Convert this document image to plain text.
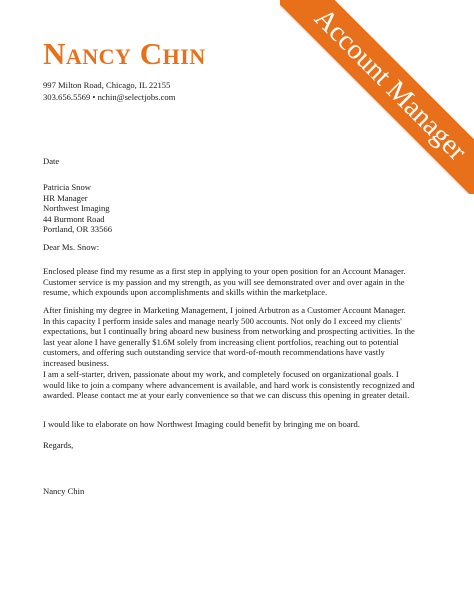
Account Manager
Nancy Chin
997 Milton Road, Chicago, IL 22155
303.656.5569 • nchin@selectjobs.com

Date

Patricia Snow
HR Manager
Northwest Imaging
44 Burmont Road
Portland, OR 33566

Dear Ms. Snow:

Enclosed please find my resume as a first step in applying to your open position for an Account Manager. Customer service is my passion and my strength, as you will see demonstrated over and over again in the resume, which expounds upon accomplishments and skills within the marketplace.

After finishing my degree in Marketing Management, I joined Arbutron as a Customer Account Manager. In this capacity I perform inside sales and manage nearly 500 accounts. Not only do I exceed my clients' expectations, but I continually bring aboard new business from networking and prospecting activities. In the last year alone I have generally $1.6M solely from increasing client portfolios, reaching out to potential customers, and offering such outstanding service that word-of-mouth recommendations have vastly increased business.

I am a self-starter, driven, passionate about my work, and completely focused on organizational goals. I would like to join a company where advancement is available, and hard work is consistently recognized and awarded. Please contact me at your early convenience so that we can discuss this opening in greater detail.

I would like to elaborate on how Northwest Imaging could benefit by bringing me on board.

Regards,

Nancy Chin
